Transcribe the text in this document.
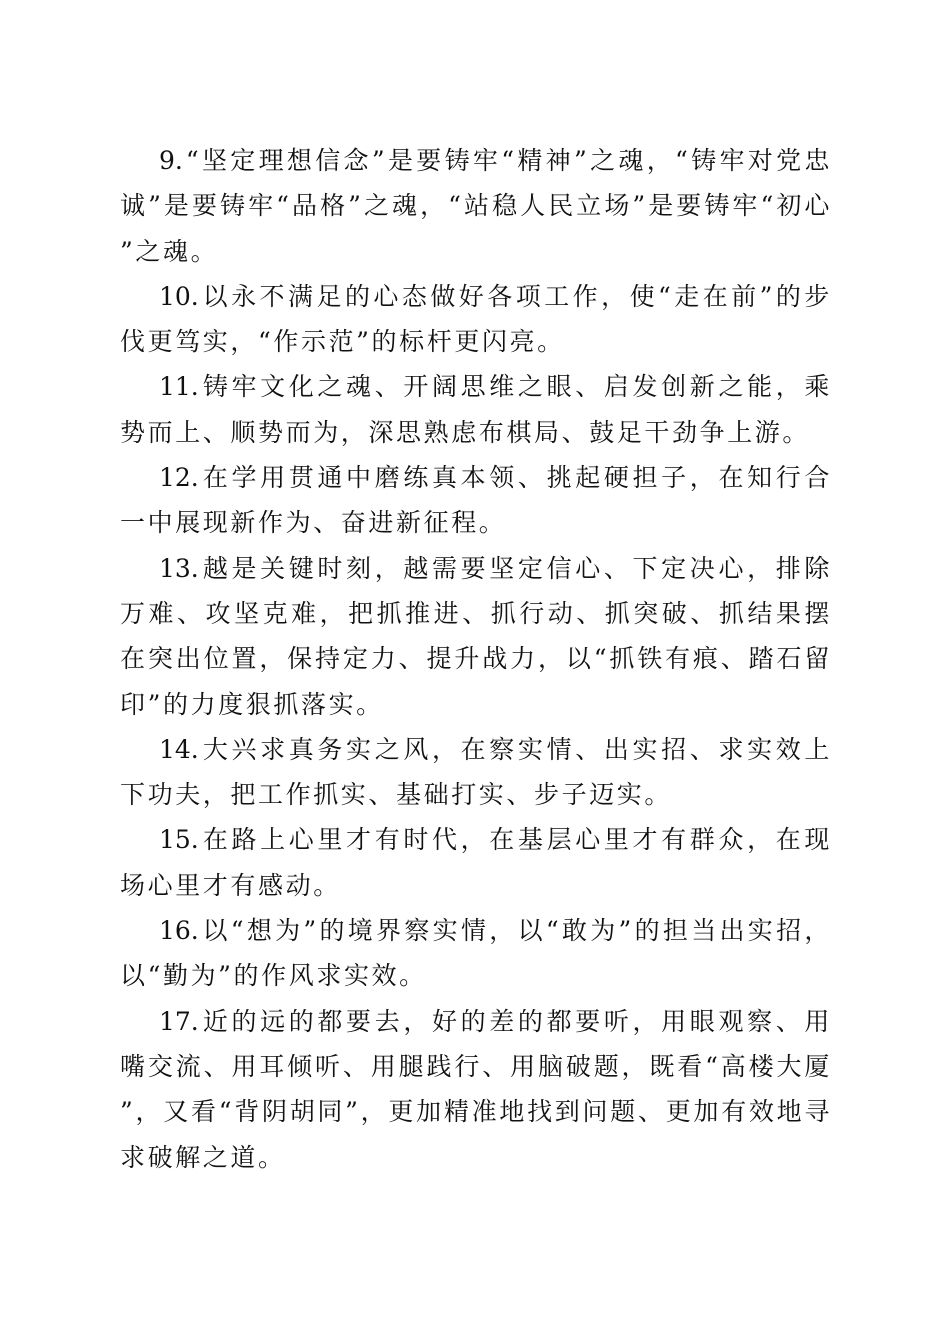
9. “坚定理想信念”是要铸牢“精神”之魂，“铸牢对党忠诚”是要铸牢“品格”之魂，“站稳人民立场”是要铸牢“初心”之魂。

10. 以永不满足的心态做好各项工作，使“走在前”的步伐更笃实，“作示范”的标杆更闪亮。

11. 铸牢文化之魂、开阔思维之眼、启发创新之能，乘势而上、顺势而为，深思熟虑布棋局、鼓足干劲争上游。

12. 在学用贯通中磨练真本领、挑起硬担子，在知行合一中展现新作为、奋进新征程。

13. 越是关键时刻，越需要坚定信心、下定决心，排除万难、攻坚克难，把抓推进、抓行动、抓突破、抓结果摆在突出位置，保持定力、提升战力，以“抓铁有痕、踏石留印”的力度狠抓落实。

14. 大兴求真务实之风，在察实情、出实招、求实效上下功夫，把工作抓实、基础打实、步子迈实。

15. 在路上心里才有时代，在基层心里才有群众，在现场心里才有感动。

16. 以“想为”的境界察实情，以“敢为”的担当出实招，以“勤为”的作风求实效。

17. 近的远的都要去，好的差的都要听，用眼观察、用嘴交流、用耳倾听、用腿践行、用脑破题，既看“高楼大厦”，又看“背阴胡同”，更加精准地找到问题、更加有效地寻求破解之道。
